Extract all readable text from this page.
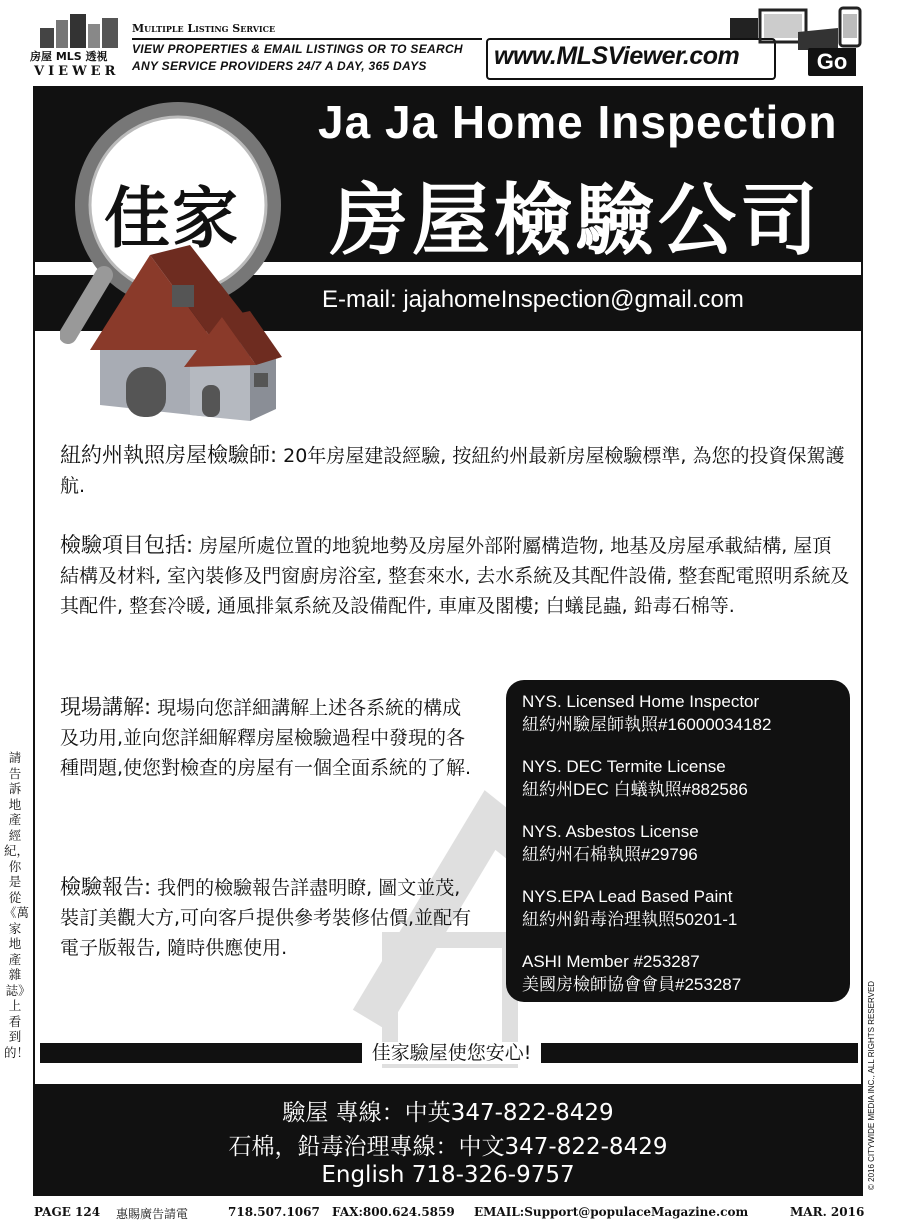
房屋 MLS 透視
VIEWER
Multiple Listing Service
VIEW PROPERTIES & EMAIL LISTINGS OR TO SEARCH
ANY SERVICE PROVIDERS 24/7 A DAY, 365 DAYS	www.MLSViewer.com	Go
Ja Ja Home Inspection
房屋檢驗公司
E-mail: jajahomeInspection@gmail.com
佳家
紐約州執照房屋檢驗師: 20年房屋建設經驗, 按紐約州最新房屋檢驗標準, 為您的投資保駕護航.
檢驗項目包括: 房屋所處位置的地貌地勢及房屋外部附屬構造物, 地基及房屋承載結構, 屋頂結構及材料, 室內裝修及門窗廚房浴室, 整套來水, 去水系統及其配件設備, 整套配電照明系統及其配件, 整套冷暖, 通風排氣系統及設備配件, 車庫及閣樓; 白蟻昆蟲, 鉛毒石棉等.
現場講解: 現場向您詳細講解上述各系統的構成及功用,並向您詳細解釋房屋檢驗過程中發現的各種問題,使您對檢查的房屋有一個全面系統的了解.
檢驗報告: 我們的檢驗報告詳盡明瞭, 圖文並茂, 裝訂美觀大方,可向客戶提供參考裝修估價,並配有電子版報告, 隨時供應使用.
NYS. Licensed Home Inspector
紐約州驗屋師執照#16000034182
NYS. DEC Termite License
紐約州DEC 白蟻執照#882586
NYS. Asbestos License
紐約州石棉執照#29796
NYS.EPA Lead Based Paint
紐約州鉛毒治理執照50201-1
ASHI Member #253287
美國房檢師協會會員#253287
佳家驗屋使您安心!
驗屋 專線：中英347-822-8429
石棉，鉛毒治理專線：中文347-822-8429
English 718-326-9757
請告訴地產經紀，你是從《萬家地產雜誌》上看到的！	© 2016 CITYWIDE MEDIA INC., ALL RIGHTS RESERVED
PAGE 124 惠賜廣告請電	718.507.1067 FAX:800.624.5859 EMAIL:Support@populaceMagazine.com	MAR. 2016
